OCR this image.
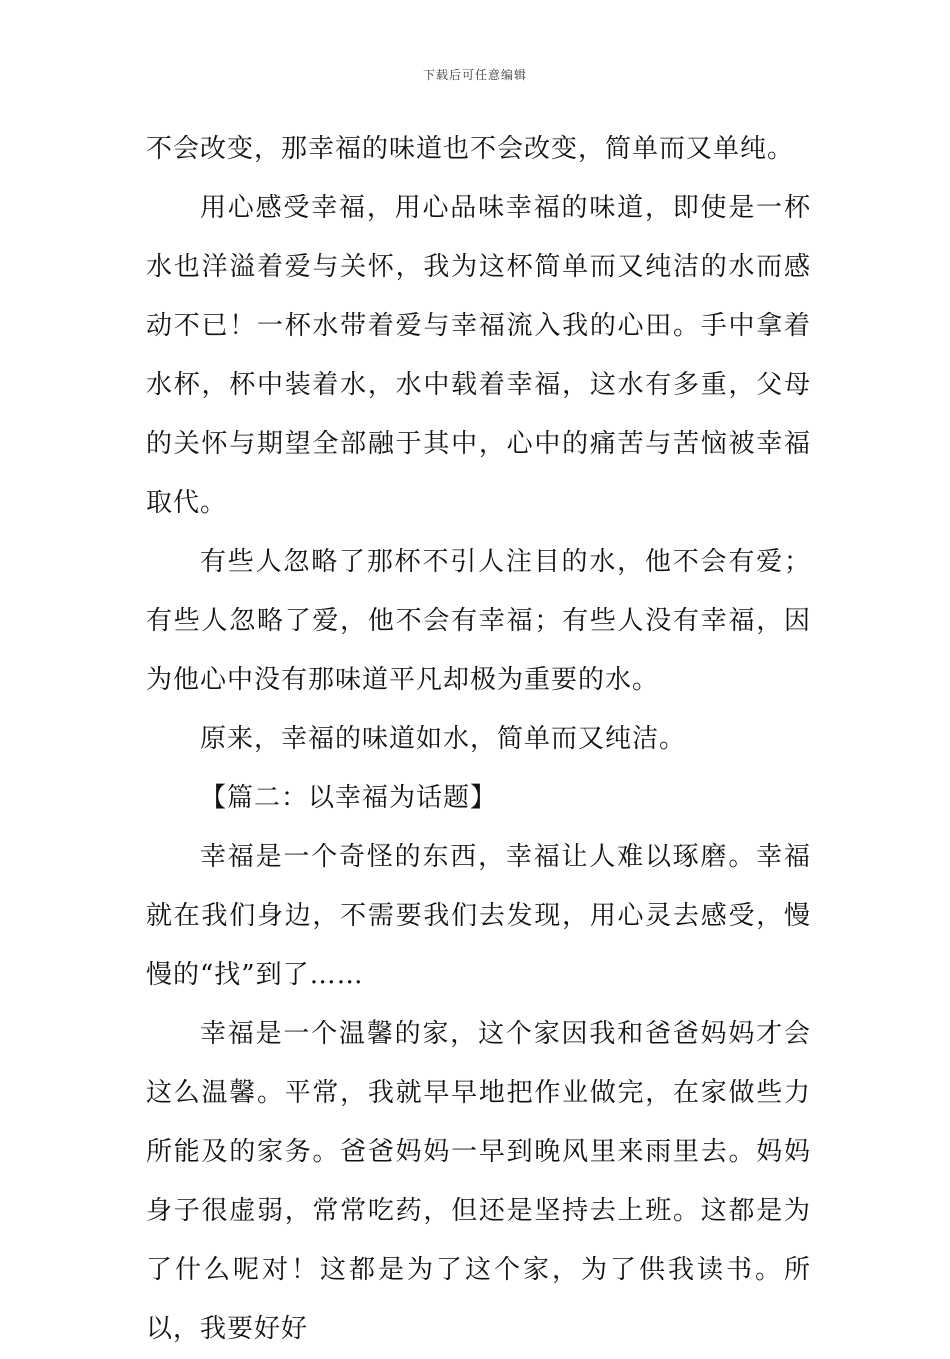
下载后可任意编辑

不会改变，那幸福的味道也不会改变，简单而又单纯。

用心感受幸福，用心品味幸福的味道，即使是一杯水也洋溢着爱与关怀，我为这杯简单而又纯洁的水而感动不已！一杯水带着爱与幸福流入我的心田。手中拿着水杯，杯中装着水，水中载着幸福，这水有多重，父母的关怀与期望全部融于其中，心中的痛苦与苦恼被幸福取代。

有些人忽略了那杯不引人注目的水，他不会有爱；有些人忽略了爱，他不会有幸福；有些人没有幸福，因为他心中没有那味道平凡却极为重要的水。

原来，幸福的味道如水，简单而又纯洁。

【篇二：以幸福为话题】

幸福是一个奇怪的东西，幸福让人难以琢磨。幸福就在我们身边，不需要我们去发现，用心灵去感受，慢慢的“找”到了……

幸福是一个温馨的家，这个家因我和爸爸妈妈才会这么温馨。平常，我就早早地把作业做完，在家做些力所能及的家务。爸爸妈妈一早到晚风里来雨里去。妈妈身子很虚弱，常常吃药，但还是坚持去上班。这都是为了什么呢对！这都是为了这个家，为了供我读书。所以，我要好好
